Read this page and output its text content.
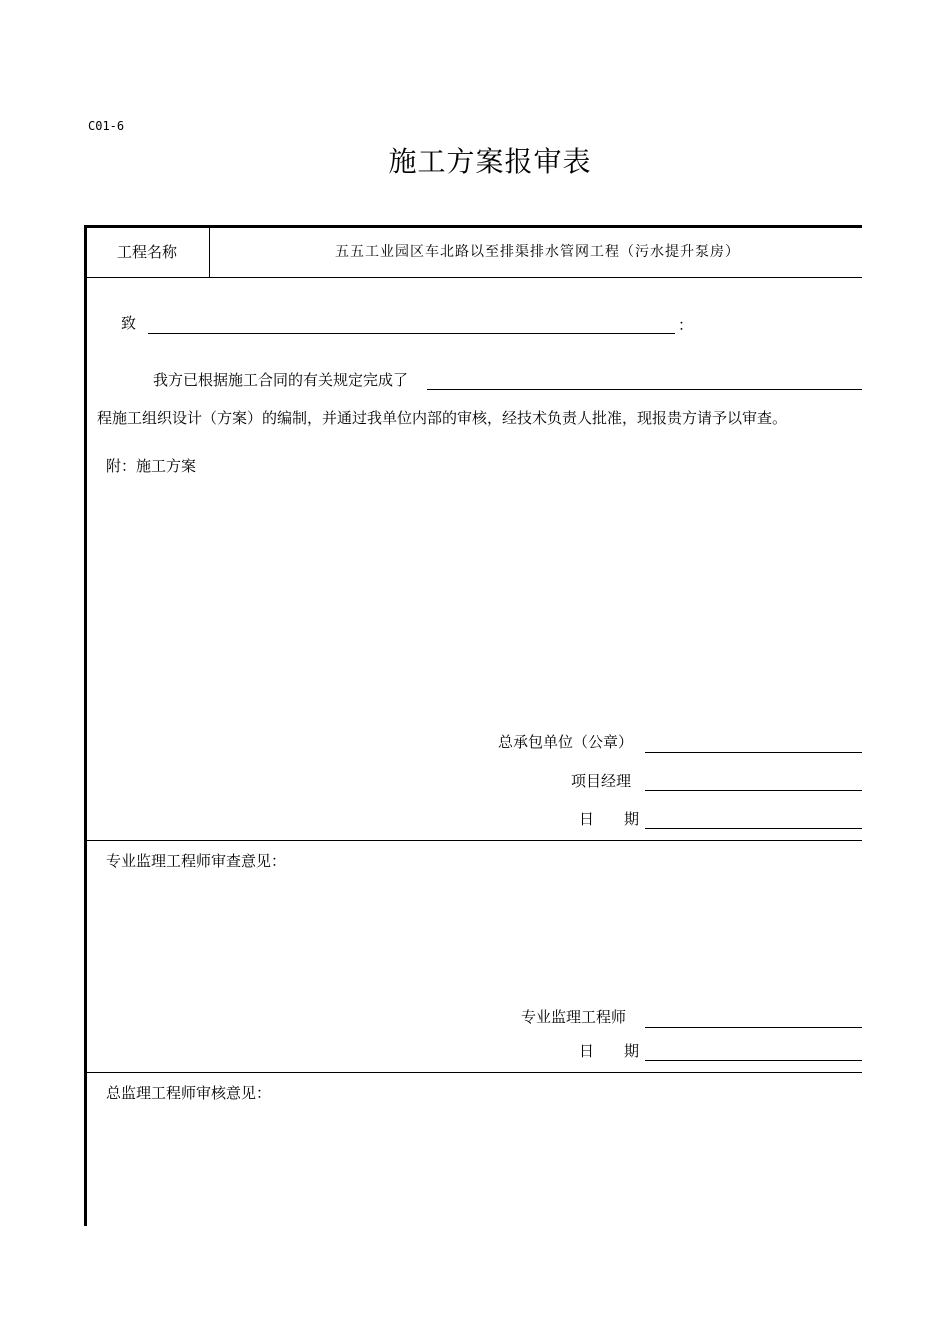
C01-6
施工方案报审表
工程名称	五五工业园区车北路以至排渠排水管网工程（污水提升泵房）
致	：
我方已根据施工合同的有关规定完成了
程施工组织设计（方案）的编制，并通过我单位内部的审核，经技术负责人批准，现报贵方请予以审查。
附：施工方案
总承包单位（公章）
项目经理
日　　期
专业监理工程师审查意见：
专业监理工程师
日　　期
总监理工程师审核意见：
